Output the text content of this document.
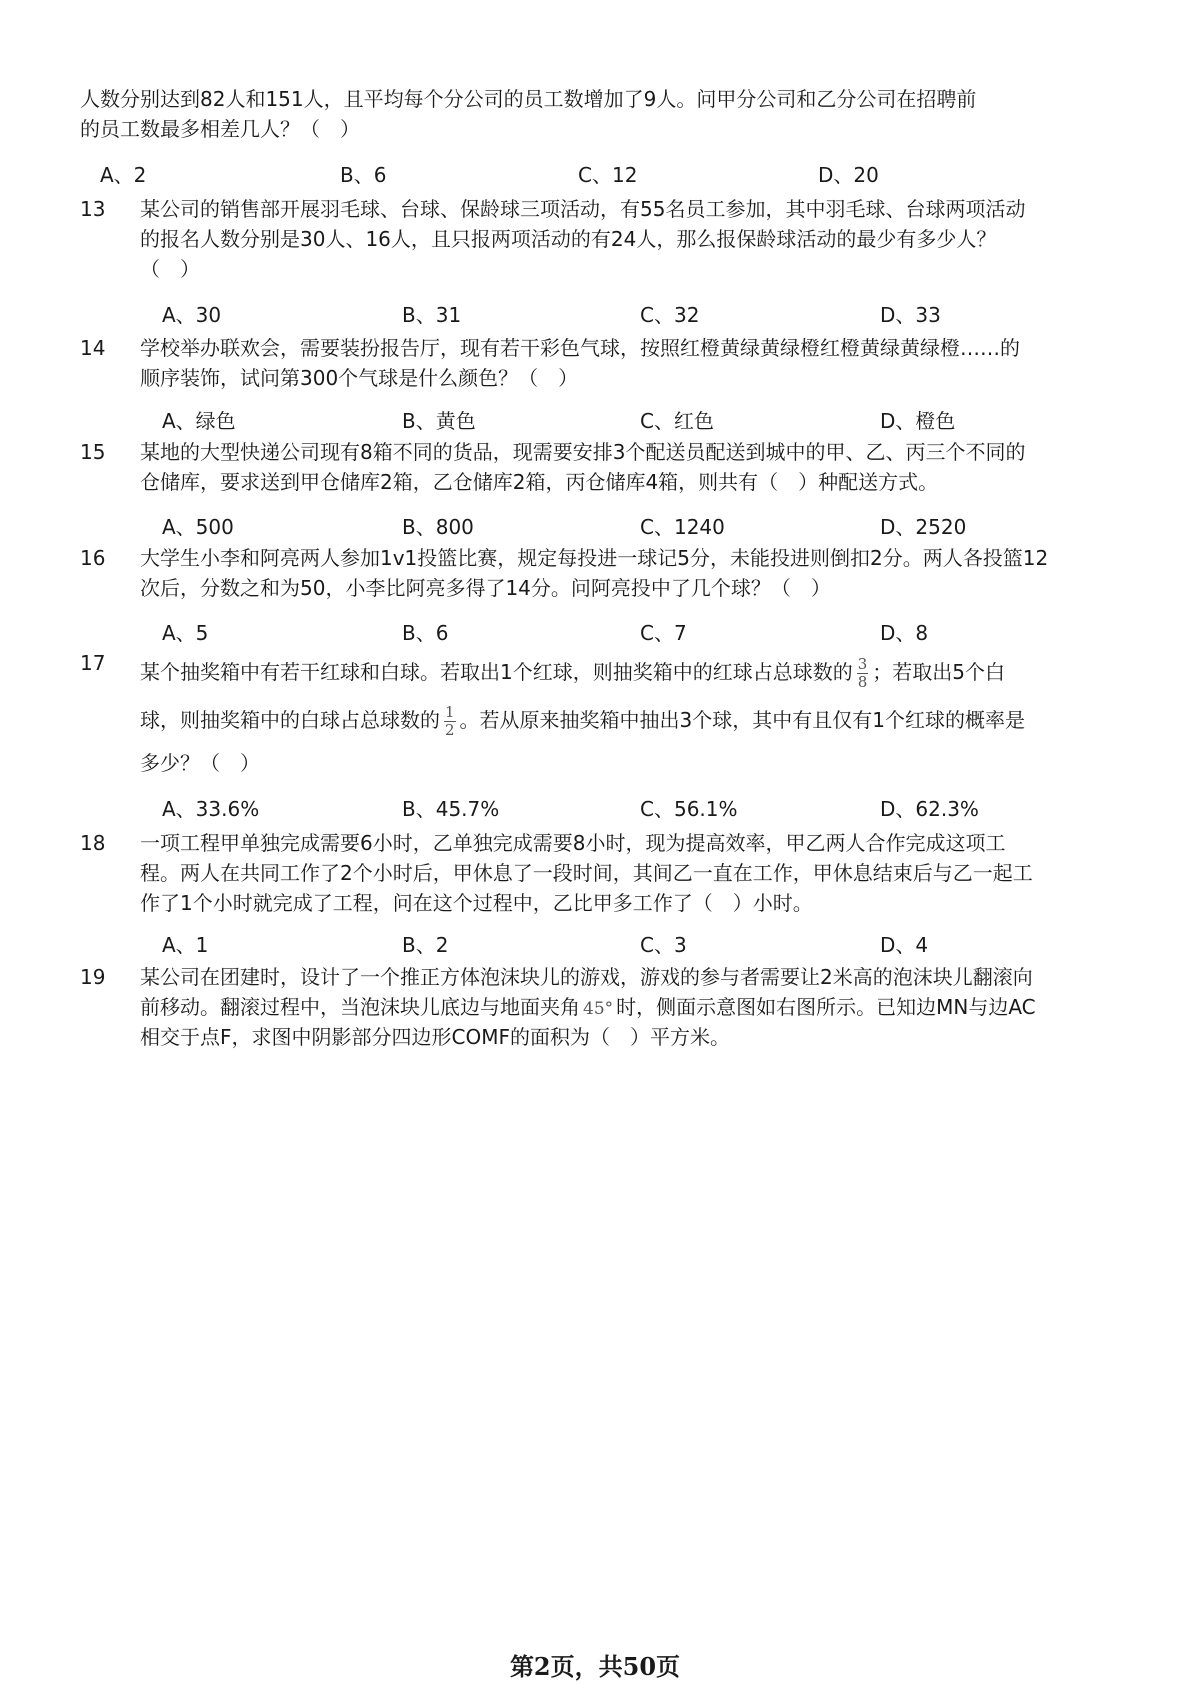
人数分别达到82人和151人，且平均每个分公司的员工数增加了9人。问甲分公司和乙分公司在招聘前
的员工数最多相差几人？（　）
A、2	B、6	C、12	D、20
13	某公司的销售部开展羽毛球、台球、保龄球三项活动，有55名员工参加，其中羽毛球、台球两项活动
的报名人数分别是30人、16人，且只报两项活动的有24人，那么报保龄球活动的最少有多少人？
（　）
A、30	B、31	C、32	D、33
14	学校举办联欢会，需要装扮报告厅，现有若干彩色气球，按照红橙黄绿黄绿橙红橙黄绿黄绿橙……的
顺序装饰，试问第300个气球是什么颜色？（　）
A、绿色	B、黄色	C、红色	D、橙色
15	某地的大型快递公司现有8箱不同的货品，现需要安排3个配送员配送到城中的甲、乙、丙三个不同的
仓储库，要求送到甲仓储库2箱，乙仓储库2箱，丙仓储库4箱，则共有（　）种配送方式。
A、500	B、800	C、1240	D、2520
16	大学生小李和阿亮两人参加1v1投篮比赛，规定每投进一球记5分，未能投进则倒扣2分。两人各投篮12
次后，分数之和为50，小李比阿亮多得了14分。问阿亮投中了几个球？（　）
A、5	B、6	C、7	D、8
17	某个抽奖箱中有若干红球和白球。若取出1个红球，则抽奖箱中的红球占总球数的 $\frac{3}{8}$ ；若取出5个白
球，则抽奖箱中的白球占总球数的 $\frac{1}{2}$ 。若从原来抽奖箱中抽出3个球，其中有且仅有1个红球的概率是
多少？（　）
A、33.6%	B、45.7%	C、56.1%	D、62.3%
18	一项工程甲单独完成需要6小时，乙单独完成需要8小时，现为提高效率，甲乙两人合作完成这项工
程。两人在共同工作了2个小时后，甲休息了一段时间，其间乙一直在工作，甲休息结束后与乙一起工
作了1个小时就完成了工程，问在这个过程中，乙比甲多工作了（　）小时。
A、1	B、2	C、3	D、4
19	某公司在团建时，设计了一个推正方体泡沫块儿的游戏，游戏的参与者需要让2米高的泡沫块儿翻滚向
前移动。翻滚过程中，当泡沫块儿底边与地面夹角 45° 时，侧面示意图如右图所示。已知边MN与边AC
相交于点F，求图中阴影部分四边形COMF的面积为（　）平方米。
第2页，共50页
